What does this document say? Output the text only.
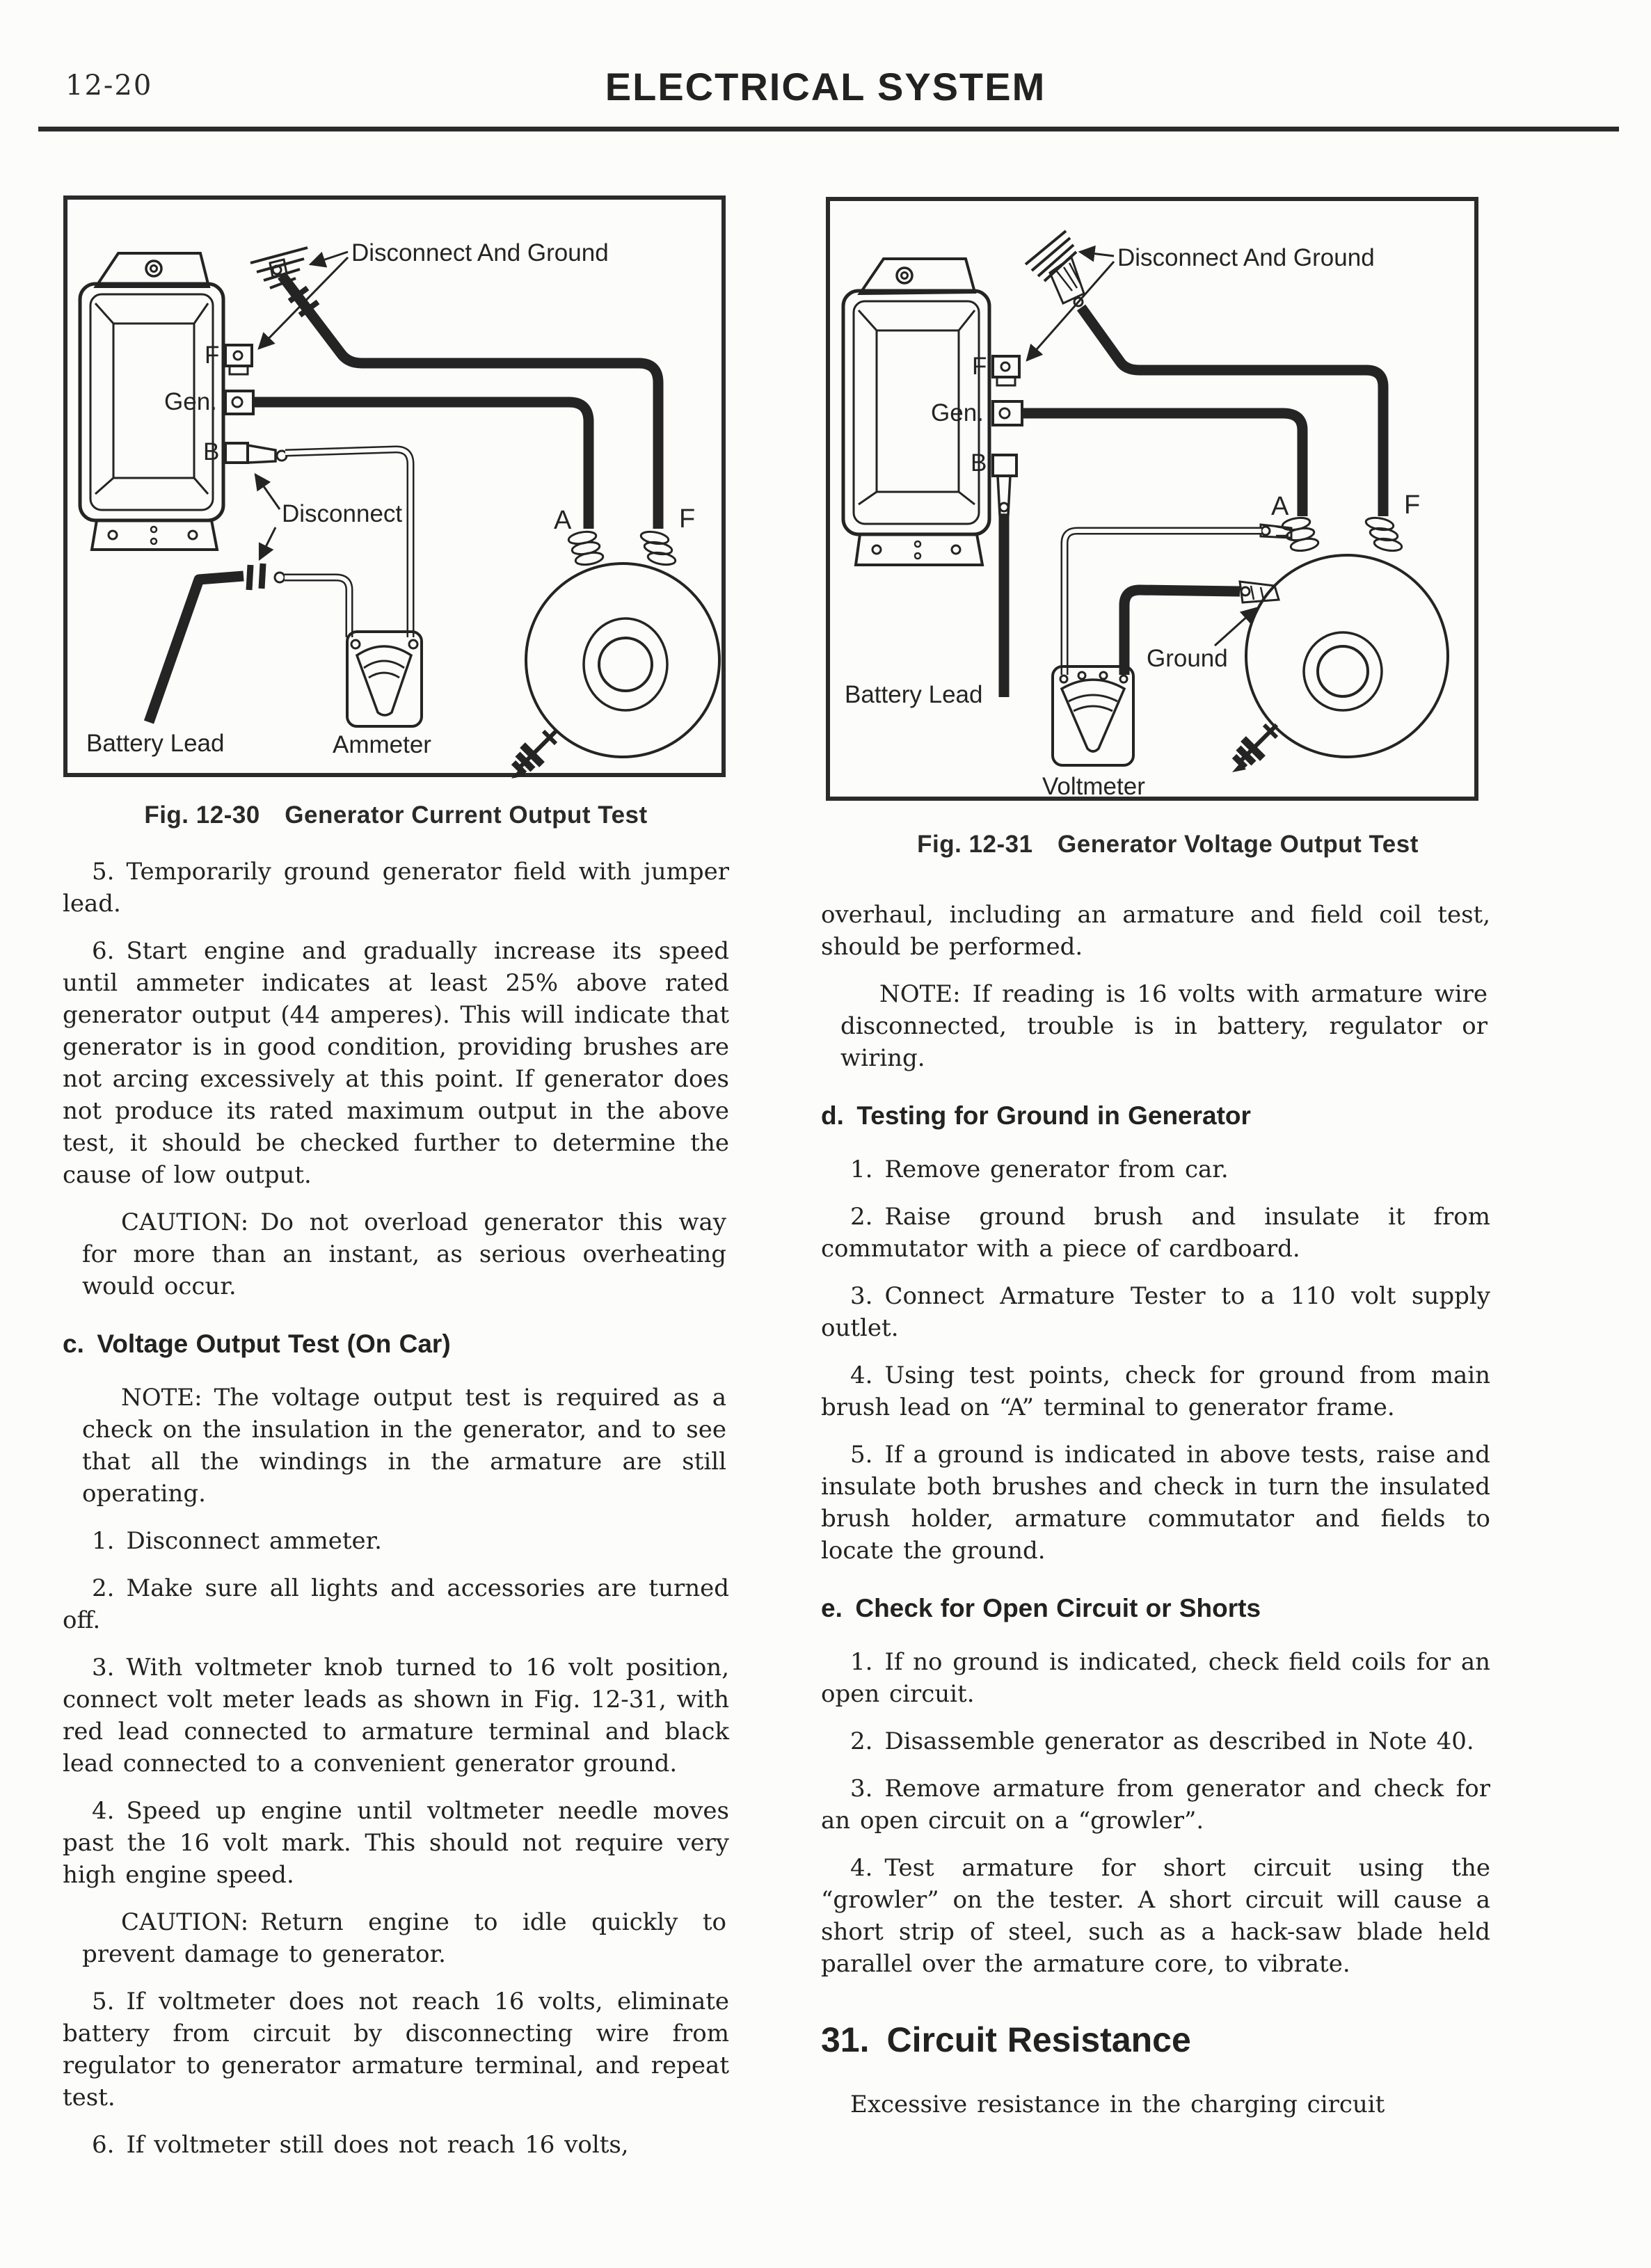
12-20	ELECTRICAL SYSTEM
F
Gen.
B
A	F
Disconnect And Ground
Disconnect
Battery Lead	Ammeter
Fig. 12-30 Generator Current Output Test
F
Gen.
B
A	F
Ground
Disconnect And Ground
Battery Lead
Voltmeter
Fig. 12-31 Generator Voltage Output Test

5. Temporarily ground generator field with jumper lead.

6. Start engine and gradually increase its speed until ammeter indicates at least 25% above rated generator output (44 amperes). This will indicate that generator is in good condition, providing brushes are not arcing excessively at this point. If generator does not produce its rated maximum output in the above test, it should be checked further to determine the cause of low output.

CAUTION: Do not overload generator this way for more than an instant, as serious overheating would occur.

c. Voltage Output Test (On Car)

NOTE: The voltage output test is required as a check on the insulation in the generator, and to see that all the windings in the armature are still operating.

1. Disconnect ammeter.

2. Make sure all lights and accessories are turned off.

3. With voltmeter knob turned to 16 volt position, connect volt meter leads as shown in Fig. 12-31, with red lead connected to armature terminal and black lead connected to a convenient generator ground.

4. Speed up engine until voltmeter needle moves past the 16 volt mark. This should not require very high engine speed.

CAUTION: Return engine to idle quickly to prevent damage to generator.

5. If voltmeter does not reach 16 volts, eliminate battery from circuit by disconnecting wire from regulator to generator armature terminal, and repeat test.

6. If voltmeter still does not reach 16 volts,

overhaul, including an armature and field coil test, should be performed.

NOTE: If reading is 16 volts with armature wire disconnected, trouble is in battery, regulator or wiring.

d. Testing for Ground in Generator

1. Remove generator from car.

2. Raise ground brush and insulate it from commutator with a piece of cardboard.

3. Connect Armature Tester to a 110 volt supply outlet.

4. Using test points, check for ground from main brush lead on “A” terminal to generator frame.

5. If a ground is indicated in above tests, raise and insulate both brushes and check in turn the insulated brush holder, armature commutator and fields to locate the ground.

e. Check for Open Circuit or Shorts

1. If no ground is indicated, check field coils for an open circuit.

2. Disassemble generator as described in Note 40.

3. Remove armature from generator and check for an open circuit on a “growler”.

4. Test armature for short circuit using the “growler” on the tester. A short circuit will cause a short strip of steel, such as a hack-saw blade held parallel over the armature core, to vibrate.

31. Circuit Resistance

Excessive resistance in the charging circuit
